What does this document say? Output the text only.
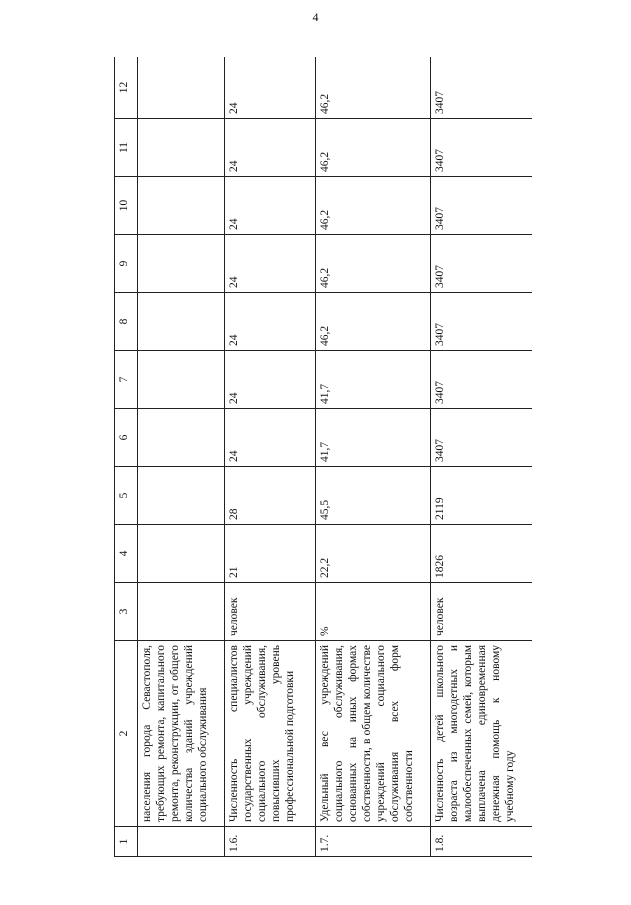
4
1	2	3	4	5	6	7	8	9	10	11	12
	населения города Севастополя, требующих ремонта, капитального ремонта, реконструкции, от общего количества зданий учреждений социального обслуживания										
1.6.	Численность специалистов государственных учреждений социального обслуживания, повысивших уровень профессиональной подготовки	человек	21	28	24	24	24	24	24	24	24
1.7.	Удельный вес учреждений социального обслуживания, основанных на иных формах собственности, в общем количестве учреждений социального обслуживания всех форм собственности	%	22,2	45,5	41,7	41,7	46,2	46,2	46,2	46,2	46,2
1.8.	Численность детей школьного возраста из многодетных и малообеспеченных семей, которым выплачена единовременная денежная помощь к новому учебному году	человек	1826	2119	3407	3407	3407	3407	3407	3407	3407
